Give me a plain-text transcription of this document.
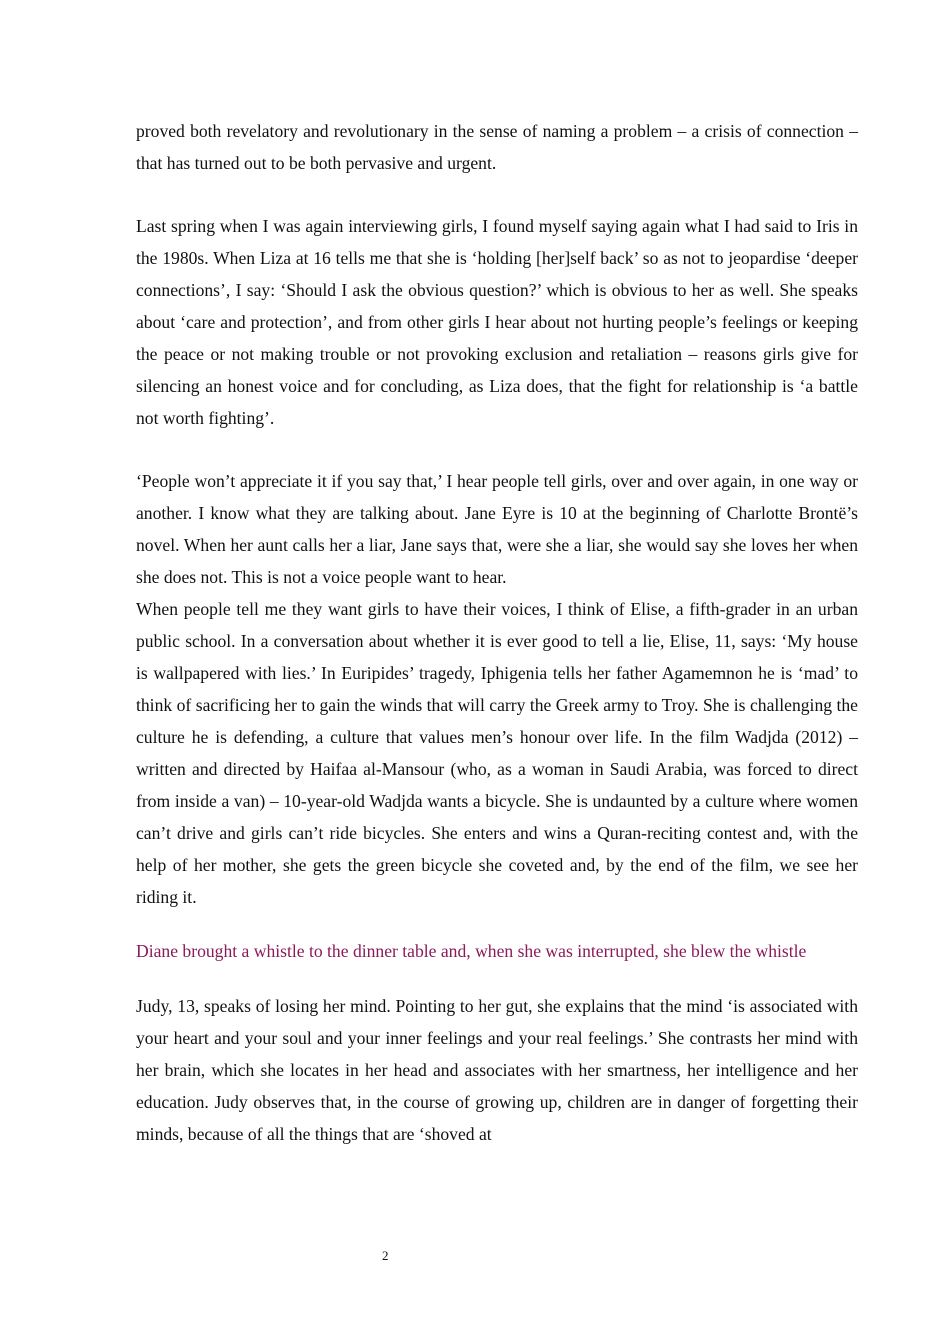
proved both revelatory and revolutionary in the sense of naming a problem – a crisis of connection – that has turned out to be both pervasive and urgent.

Last spring when I was again interviewing girls, I found myself saying again what I had said to Iris in the 1980s. When Liza at 16 tells me that she is ‘holding [her]self back’ so as not to jeopardise ‘deeper connections’, I say: ‘Should I ask the obvious question?’ which is obvious to her as well. She speaks about ‘care and protection’, and from other girls I hear about not hurting people’s feelings or keeping the peace or not making trouble or not provoking exclusion and retaliation – reasons girls give for silencing an honest voice and for concluding, as Liza does, that the fight for relationship is ‘a battle not worth fighting’.

‘People won’t appreciate it if you say that,’ I hear people tell girls, over and over again, in one way or another. I know what they are talking about. Jane Eyre is 10 at the beginning of Charlotte Brontë’s novel. When her aunt calls her a liar, Jane says that, were she a liar, she would say she loves her when she does not. This is not a voice people want to hear.

When people tell me they want girls to have their voices, I think of Elise, a fifth-grader in an urban public school. In a conversation about whether it is ever good to tell a lie, Elise, 11, says: ‘My house is wallpapered with lies.’ In Euripides’ tragedy, Iphigenia tells her father Agamemnon he is ‘mad’ to think of sacrificing her to gain the winds that will carry the Greek army to Troy. She is challenging the culture he is defending, a culture that values men’s honour over life. In the film Wadjda (2012) – written and directed by Haifaa al-Mansour (who, as a woman in Saudi Arabia, was forced to direct from inside a van) – 10-year-old Wadjda wants a bicycle. She is undaunted by a culture where women can’t drive and girls can’t ride bicycles. She enters and wins a Quran-reciting contest and, with the help of her mother, she gets the green bicycle she coveted and, by the end of the film, we see her riding it.

Diane brought a whistle to the dinner table and, when she was interrupted, she blew the whistle

Judy, 13, speaks of losing her mind. Pointing to her gut, she explains that the mind ‘is associated with your heart and your soul and your inner feelings and your real feelings.’ She contrasts her mind with her brain, which she locates in her head and associates with her smartness, her intelligence and her education. Judy observes that, in the course of growing up, children are in danger of forgetting their minds, because of all the things that are ‘shoved at

2
